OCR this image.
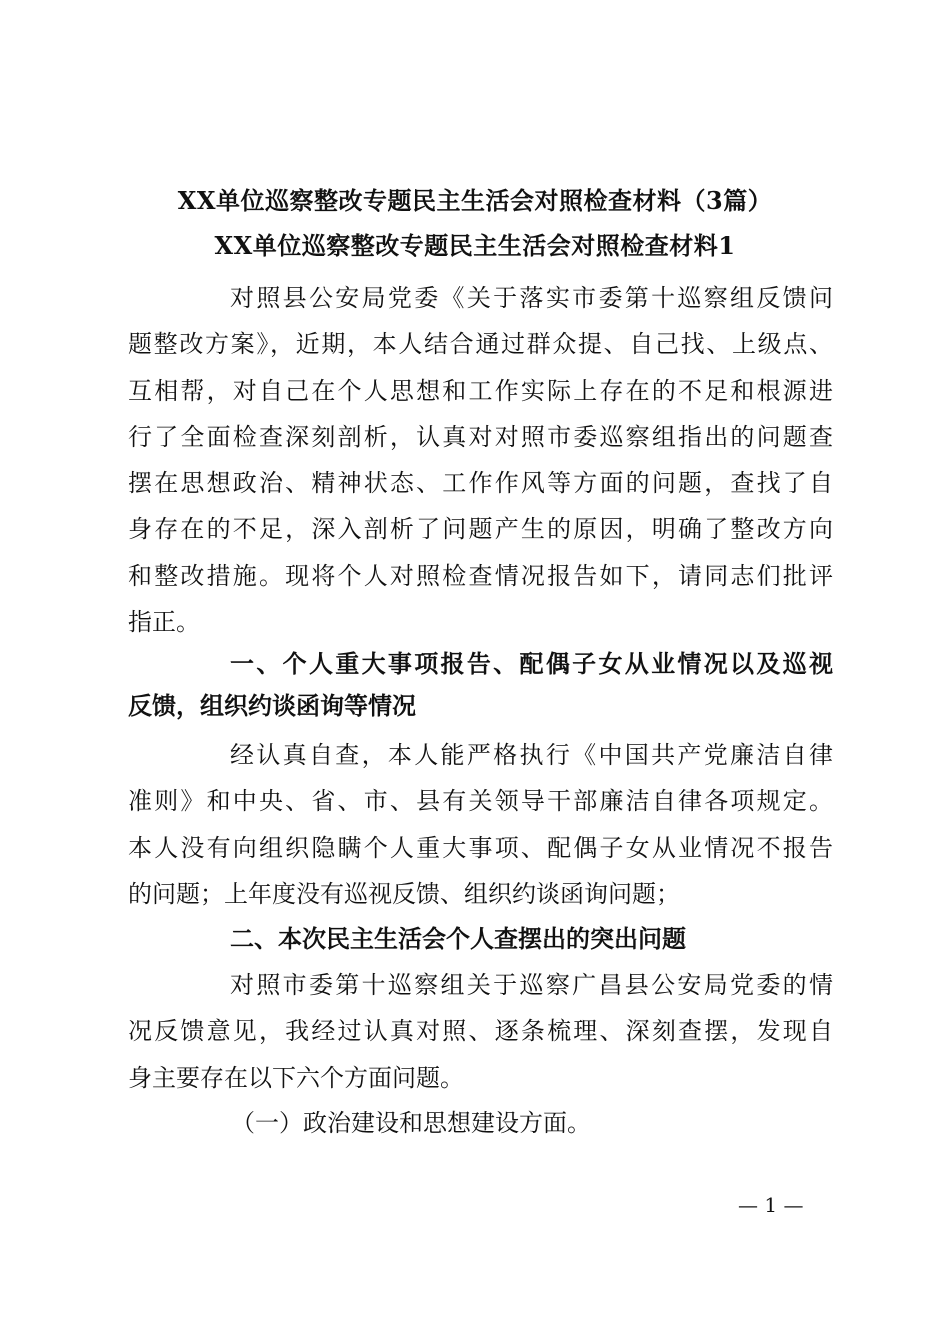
XX单位巡察整改专题民主生活会对照检查材料（3篇）
XX单位巡察整改专题民主生活会对照检查材料1
对照县公安局党委《关于落实市委第十巡察组反馈问
题整改方案》，近期，本人结合通过群众提、自己找、上级点、
互相帮，对自己在个人思想和工作实际上存在的不足和根源进
行了全面检查深刻剖析，认真对对照市委巡察组指出的问题查
摆在思想政治、精神状态、工作作风等方面的问题，查找了自
身存在的不足，深入剖析了问题产生的原因，明确了整改方向
和整改措施。现将个人对照检查情况报告如下，请同志们批评
指正。
一、个人重大事项报告、配偶子女从业情况以及巡视
反馈，组织约谈函询等情况
经认真自查，本人能严格执行《中国共产党廉洁自律
准则》和中央、省、市、县有关领导干部廉洁自律各项规定。
本人没有向组织隐瞒个人重大事项、配偶子女从业情况不报告
的问题；上年度没有巡视反馈、组织约谈函询问题；
二、本次民主生活会个人查摆出的突出问题
对照市委第十巡察组关于巡察广昌县公安局党委的情
况反馈意见，我经过认真对照、逐条梳理、深刻查摆，发现自
身主要存在以下六个方面问题。
（一）政治建设和思想建设方面。
— 1 —
